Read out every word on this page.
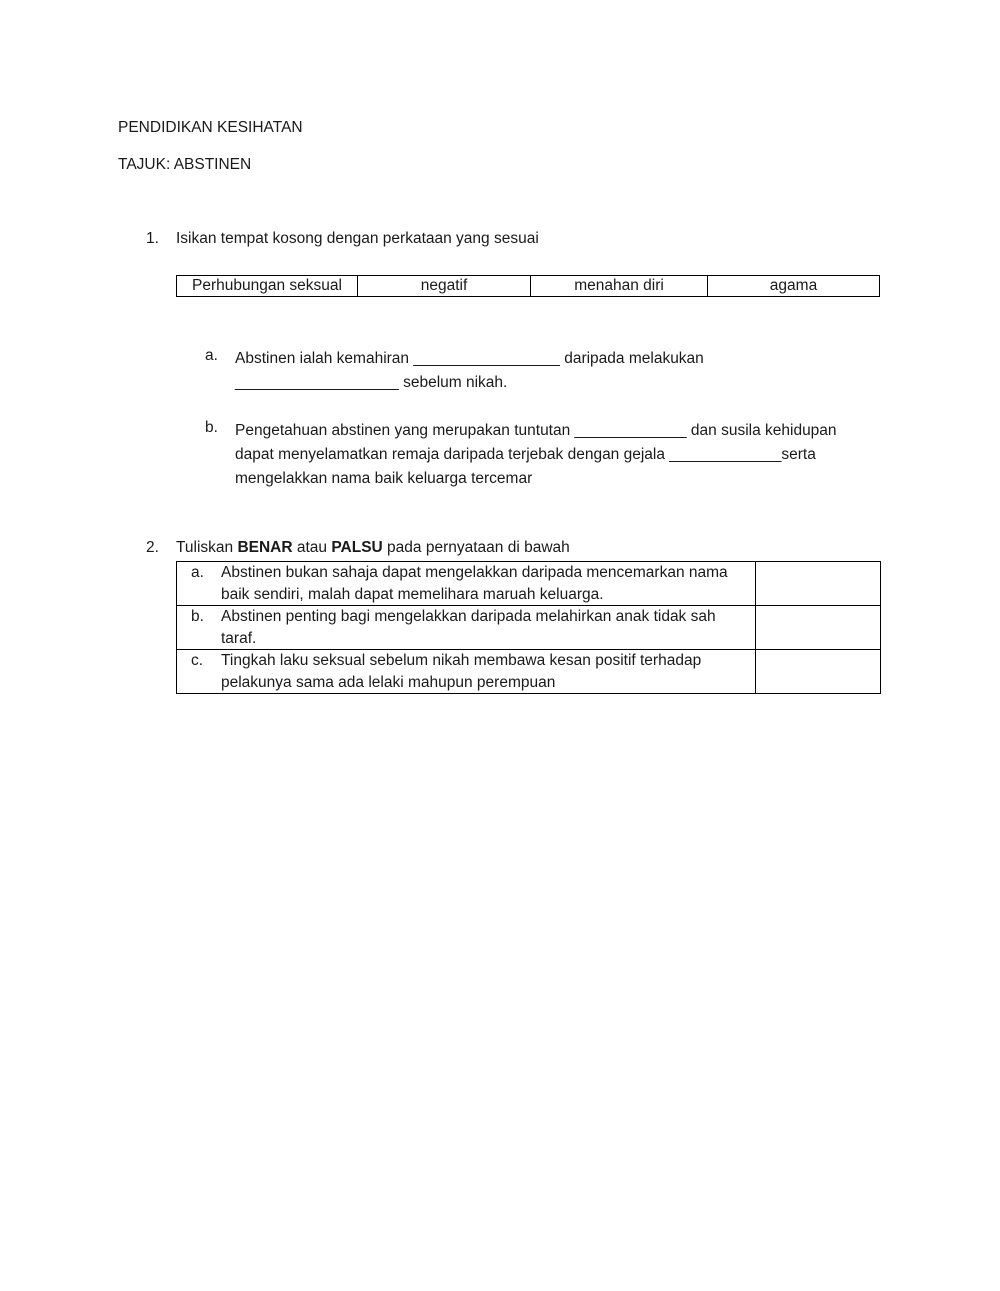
PENDIDIKAN KESIHATAN
TAJUK: ABSTINEN
1. Isikan tempat kosong dengan perkataan yang sesuai
Perhubungan seksual	negatif	menahan diri	agama
a. Abstinen ialah kemahiran _________________ daripada melakukan
___________________ sebelum nikah.
b. Pengetahuan abstinen yang merupakan tuntutan _____________ dan susila kehidupan
dapat menyelamatkan remaja daripada terjebak dengan gejala _____________serta
mengelakkan nama baik keluarga tercemar
2. Tuliskan BENAR atau PALSU pada pernyataan di bawah
a. Abstinen bukan sahaja dapat mengelakkan daripada mencemarkan nama baik sendiri, malah dapat memelihara maruah keluarga.	

b. Abstinen penting bagi mengelakkan daripada melahirkan anak tidak sah taraf.	

c. Tingkah laku seksual sebelum nikah membawa kesan positif terhadap pelakunya sama ada lelaki mahupun perempuan	
